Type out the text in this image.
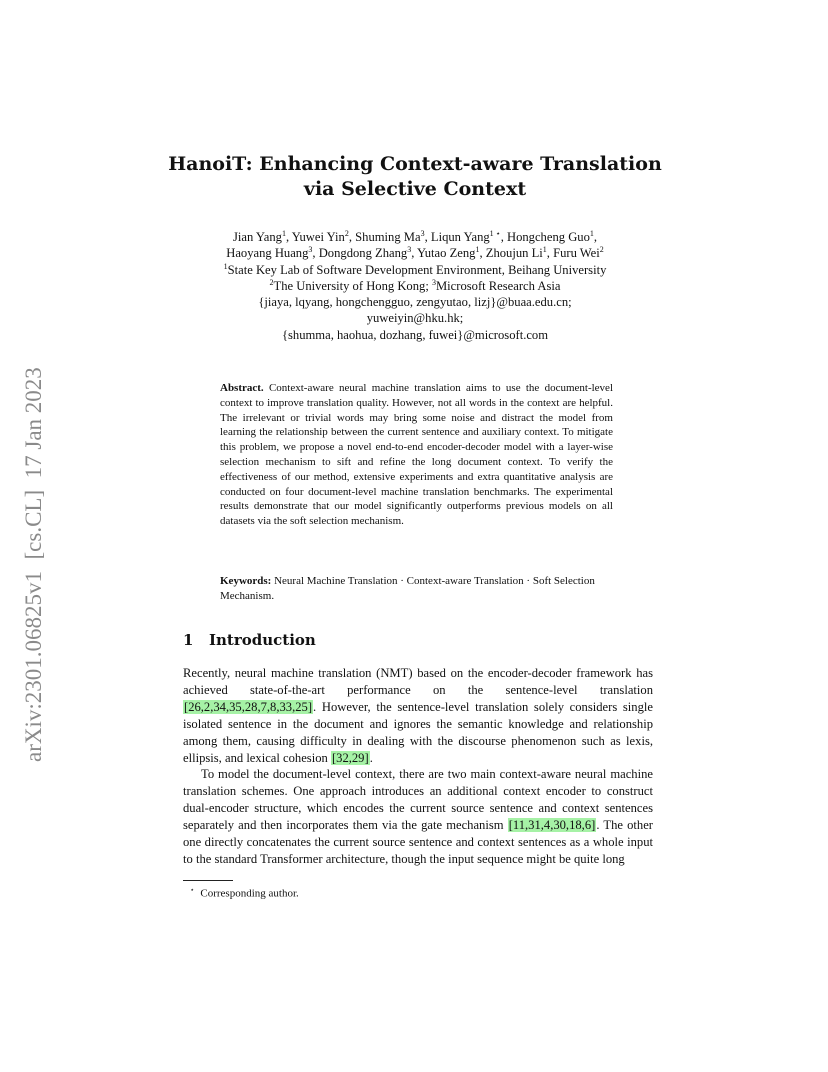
arXiv:2301.06825v1  [cs.CL]  17 Jan 2023
HanoiT: Enhancing Context-aware Translation
via Selective Context
Jian Yang$^1$, Yuwei Yin$^2$, Shuming Ma$^3$, Liqun Yang$^{1 ⋆}$, Hongcheng Guo$^1$,
Haoyang Huang$^3$, Dongdong Zhang$^3$, Yutao Zeng$^1$, Zhoujun Li$^1$, Furu Wei$^2$
$^1$State Key Lab of Software Development Environment, Beihang University
$^2$The University of Hong Kong; $^3$Microsoft Research Asia
{jiaya, lqyang, hongchengguo, zengyutao, lizj}@buaa.edu.cn;
yuweiyin@hku.hk;
{shumma, haohua, dozhang, fuwei}@microsoft.com
Abstract. Context-aware neural machine translation aims to use the document-level context to improve translation quality. However, not all words in the context are helpful. The irrelevant or trivial words may bring some noise and distract the model from learning the relationship between the current sentence and auxiliary context. To mitigate this problem, we propose a novel end-to-end encoder-decoder model with a layer-wise selection mechanism to sift and refine the long document context. To verify the effectiveness of our method, extensive experiments and extra quantitative analysis are conducted on four document-level machine translation benchmarks. The experimental results demonstrate that our model significantly outperforms previous models on all datasets via the soft selection mechanism.
Keywords: Neural Machine Translation · Context-aware Translation · Soft Selection Mechanism.
1 Introduction

Recently, neural machine translation (NMT) based on the encoder-decoder framework has achieved state-of-the-art performance on the sentence-level translation [26,2,34,35,28,7,8,33,25]. However, the sentence-level translation solely considers single isolated sentence in the document and ignores the semantic knowledge and relationship among them, causing difficulty in dealing with the discourse phenomenon such as lexis, ellipsis, and lexical cohesion [32,29].

To model the document-level context, there are two main context-aware neural machine translation schemes. One approach introduces an additional context encoder to construct dual-encoder structure, which encodes the current source sentence and context sentences separately and then incorporates them via the gate mechanism [11,31,4,30,18,6]. The other one directly concatenates the current source sentence and context sentences as a whole input to the standard Transformer architecture, though the input sequence might be quite long

⋆ Corresponding author.
